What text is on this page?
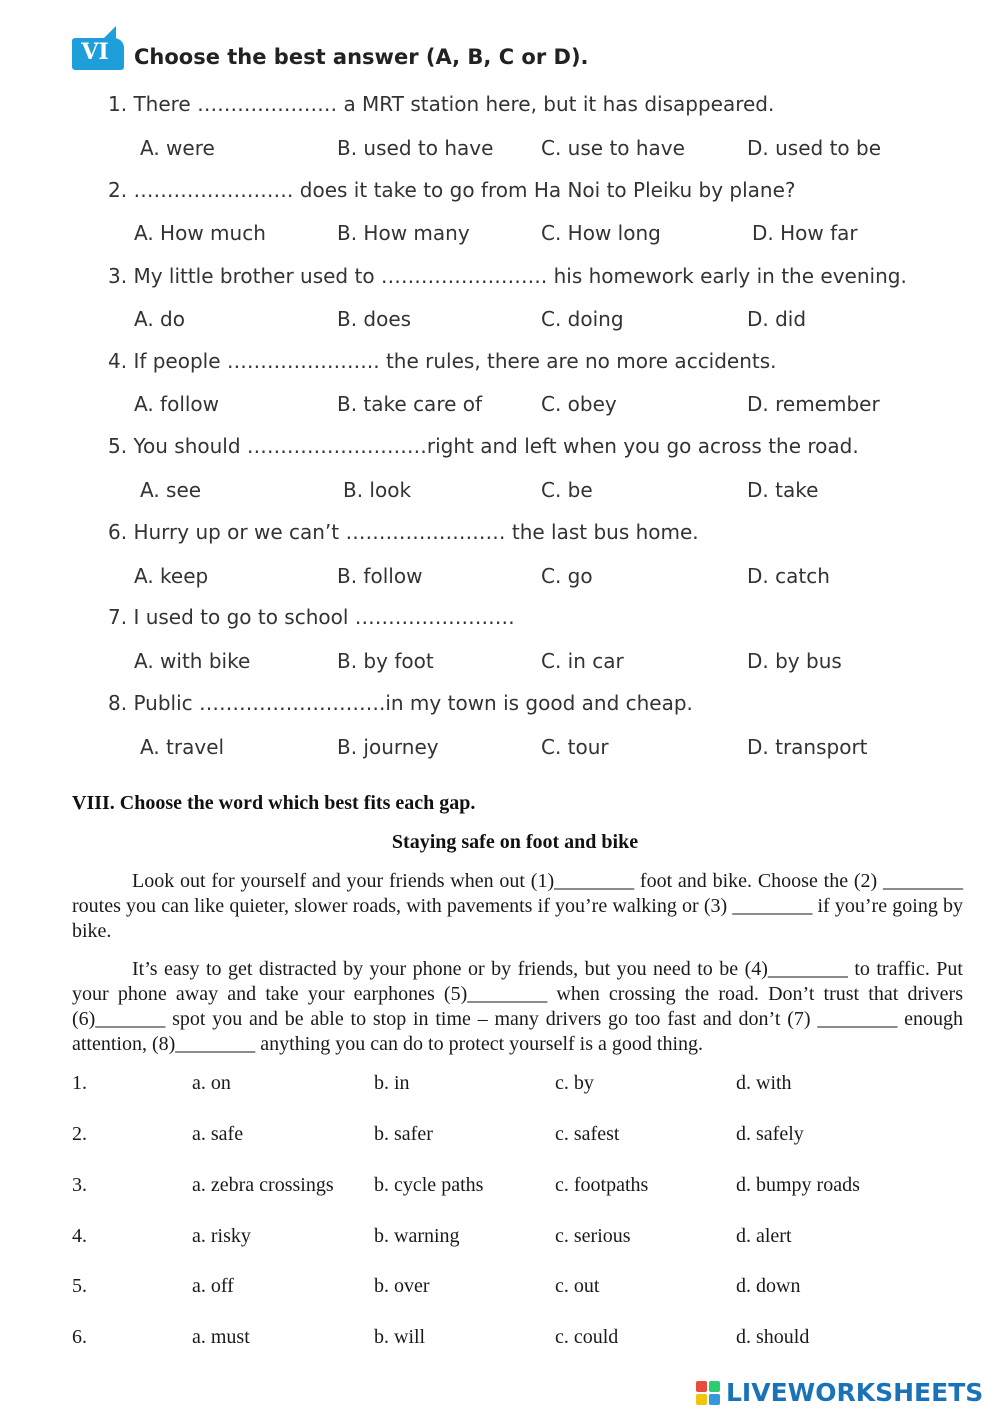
VI	Choose the best answer (A, B, C or D).
1. There ………………… a MRT station here, but it has disappeared.
A. were	B. used to have C. use to have	D. used to be
2. …………………… does it take to go from Ha Noi to Pleiku by plane?
A. How much	B. How many	C. How long	D. How far
3. My little brother used to ……………………. his homework early in the evening.
A. do	B. does	C. doing	D. did
4. If people ………………….. the rules, there are no more accidents.
A. follow	B. take care of	C. obey	D. remember
5. You should ………………………right and left when you go across the road.
A. see	B. look	C. be	D. take
6. Hurry up or we can’t …………………… the last bus home.
A. keep	B. follow	C. go	D. catch
7. I used to go to school ……………………
A. with bike	B. by foot	C. in car	D. by bus
8. Public ……………………….in my town is good and cheap.
A. travel	B. journey	C. tour	D. transport
VIII. Choose the word which best fits each gap.
Staying safe on foot and bike

Look out for yourself and your friends when out (1)________ foot and bike. Choose the (2) ________ routes you can like quieter, slower roads, with pavements if you’re walking or (3) ________ if you’re going by bike.

It’s easy to get distracted by your phone or by friends, but you need to be (4)________ to traffic. Put your phone away and take your earphones (5)________ when crossing the road. Don’t trust that drivers (6)_______ spot you and be able to stop in time – many drivers go too fast and don’t (7) ________ enough attention, (8)________ anything you can do to protect yourself is a good thing.

1.	a. on	b. in	c. by	d. with
2.	a. safe	b. safer	c. safest	d. safely
3.	a. zebra crossings b. cycle paths	c. footpaths	d. bumpy roads
4.	a. risky	b. warning	c. serious	d. alert
5.	a. off	b. over	c. out	d. down
6.	a. must	b. will	c. could	d. should
LIVEWORKSHEETS
